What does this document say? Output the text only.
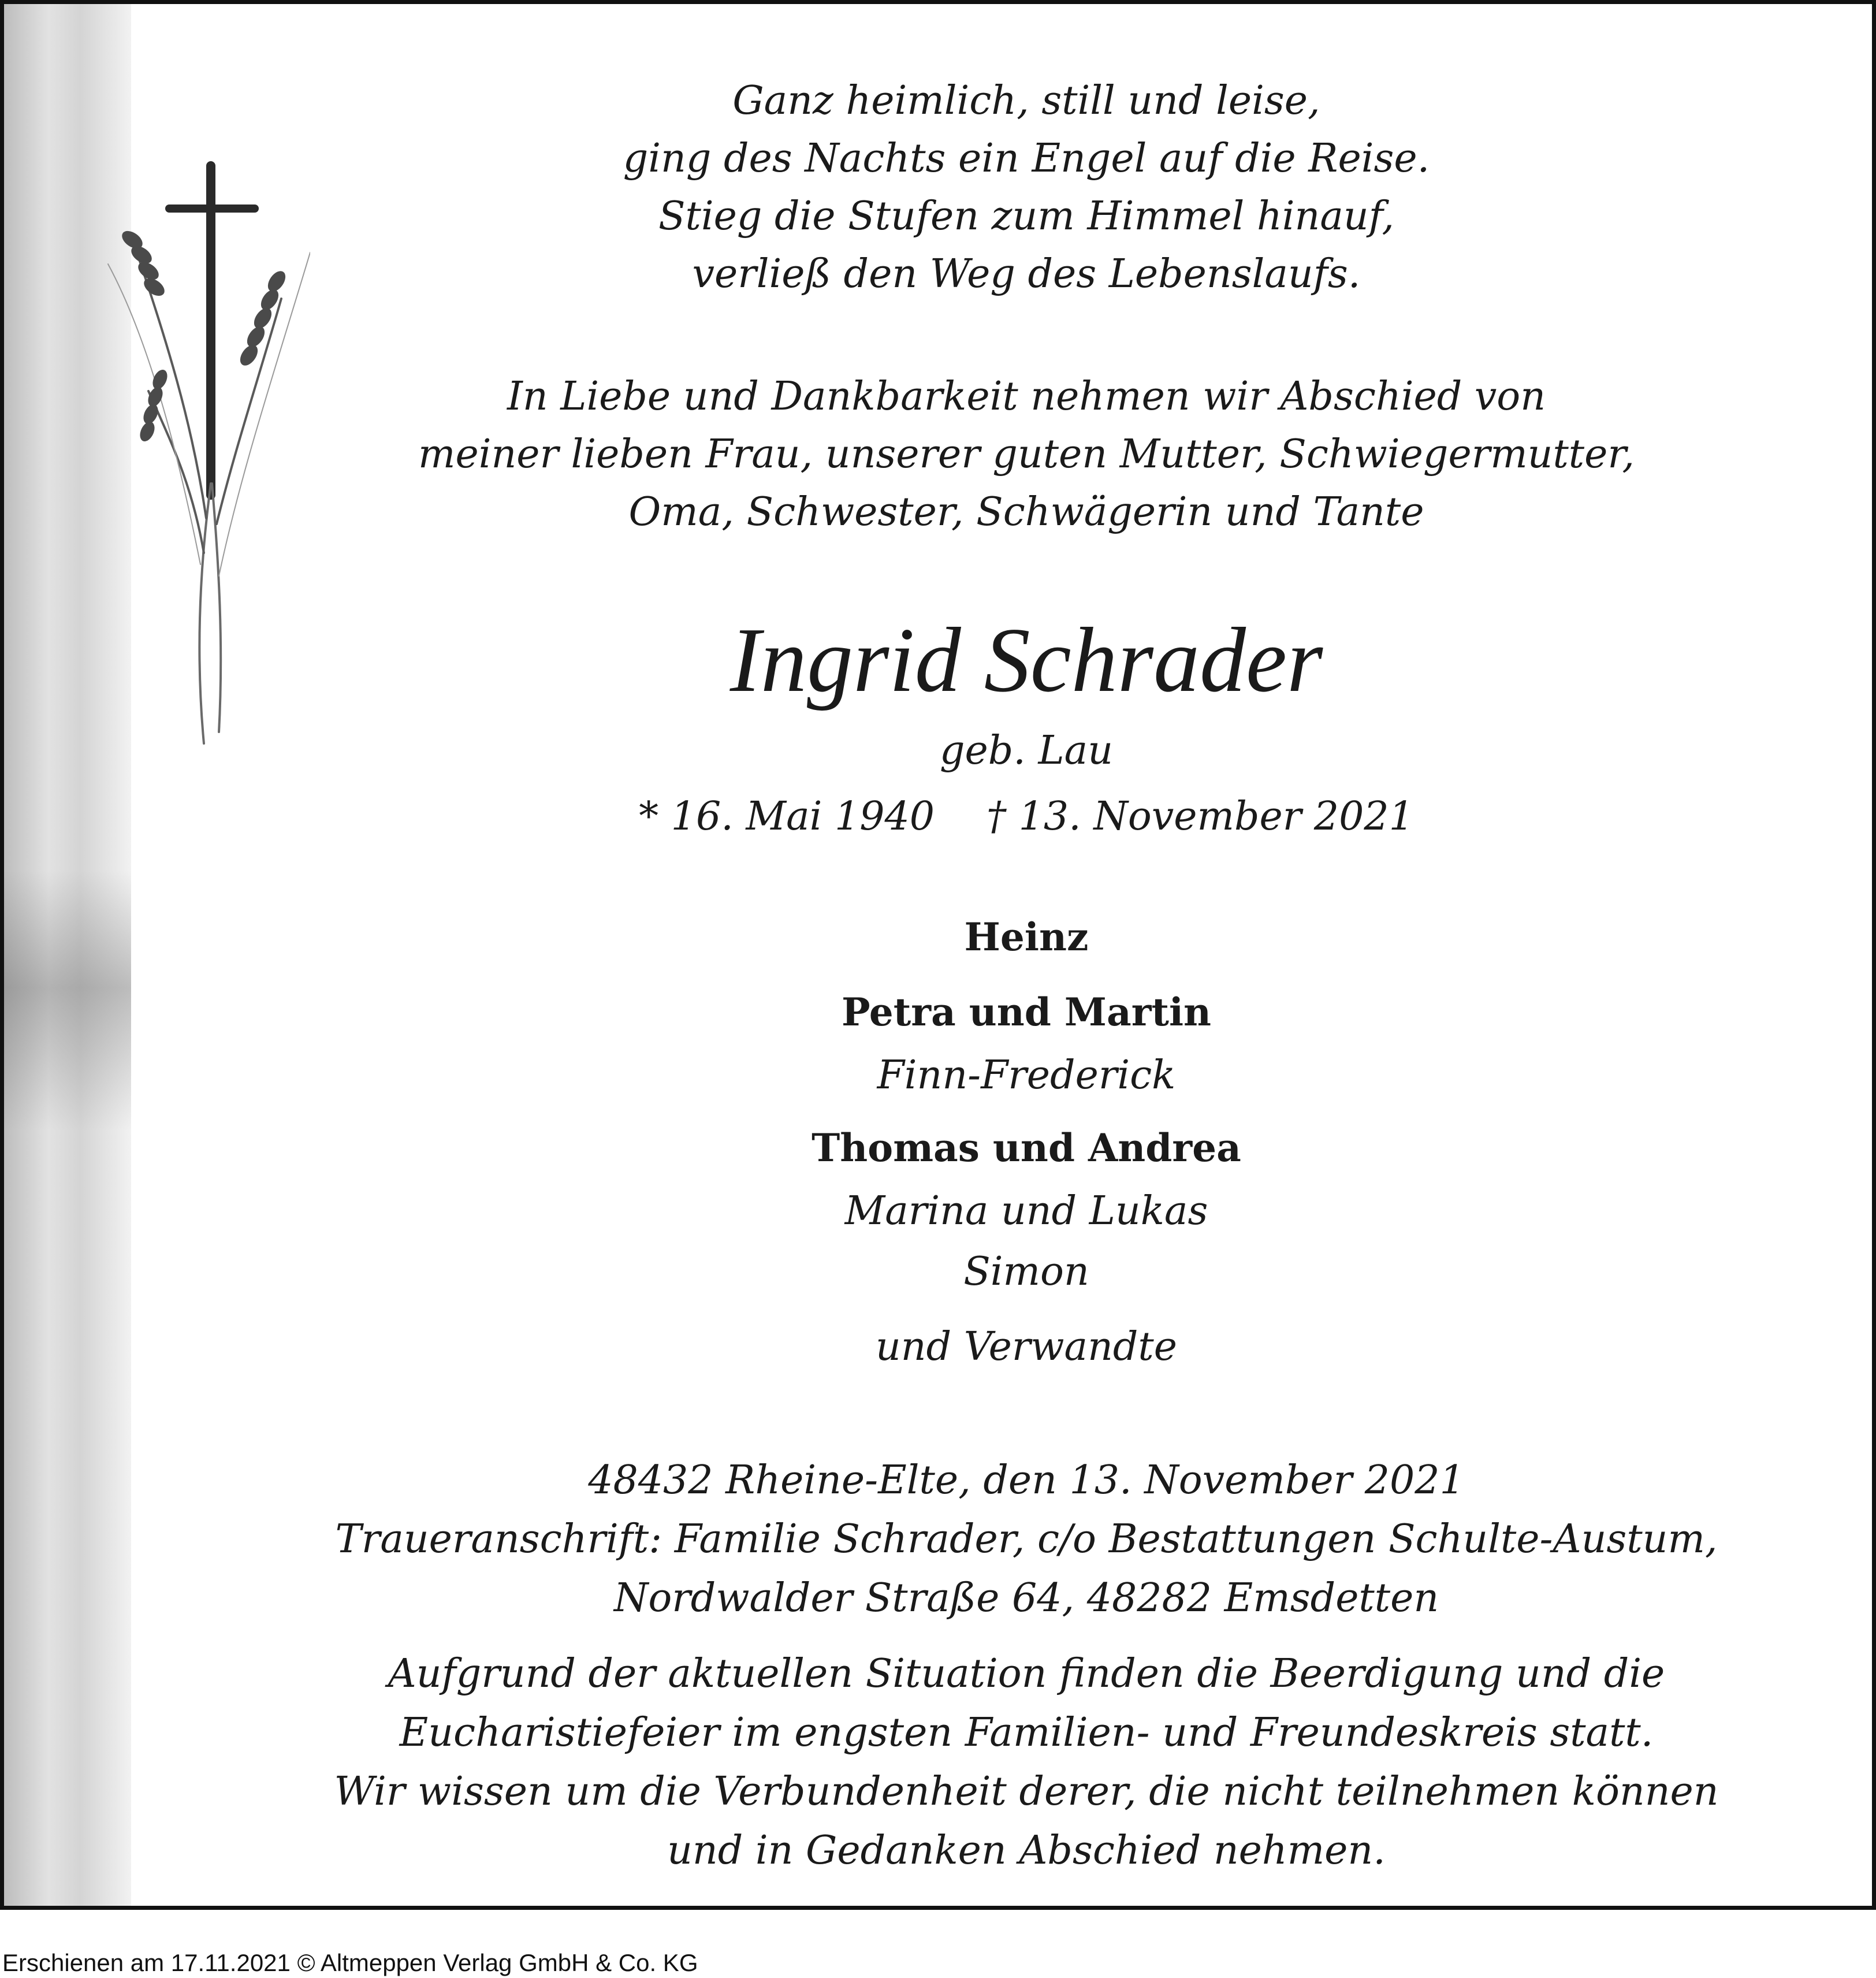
Ganz heimlich, still und leise,
ging des Nachts ein Engel auf die Reise.
Stieg die Stufen zum Himmel hinauf,
verließ den Weg des Lebenslaufs.
In Liebe und Dankbarkeit nehmen wir Abschied von
meiner lieben Frau, unserer guten Mutter, Schwiegermutter,
Oma, Schwester, Schwägerin und Tante
Ingrid Schrader
geb. Lau
* 16. Mai 1940 † 13. November 2021
Heinz
Petra und Martin
Finn-Frederick
Thomas und Andrea
Marina und Lukas
Simon
und Verwandte
48432 Rheine-Elte, den 13. November 2021
Traueranschrift: Familie Schrader, c/o Bestattungen Schulte-Austum,
Nordwalder Straße 64, 48282 Emsdetten
Aufgrund der aktuellen Situation finden die Beerdigung und die
Eucharistiefeier im engsten Familien- und Freundeskreis statt.
Wir wissen um die Verbundenheit derer, die nicht teilnehmen können
und in Gedanken Abschied nehmen.
Erschienen am 17.11.2021 © Altmeppen Verlag GmbH & Co. KG
